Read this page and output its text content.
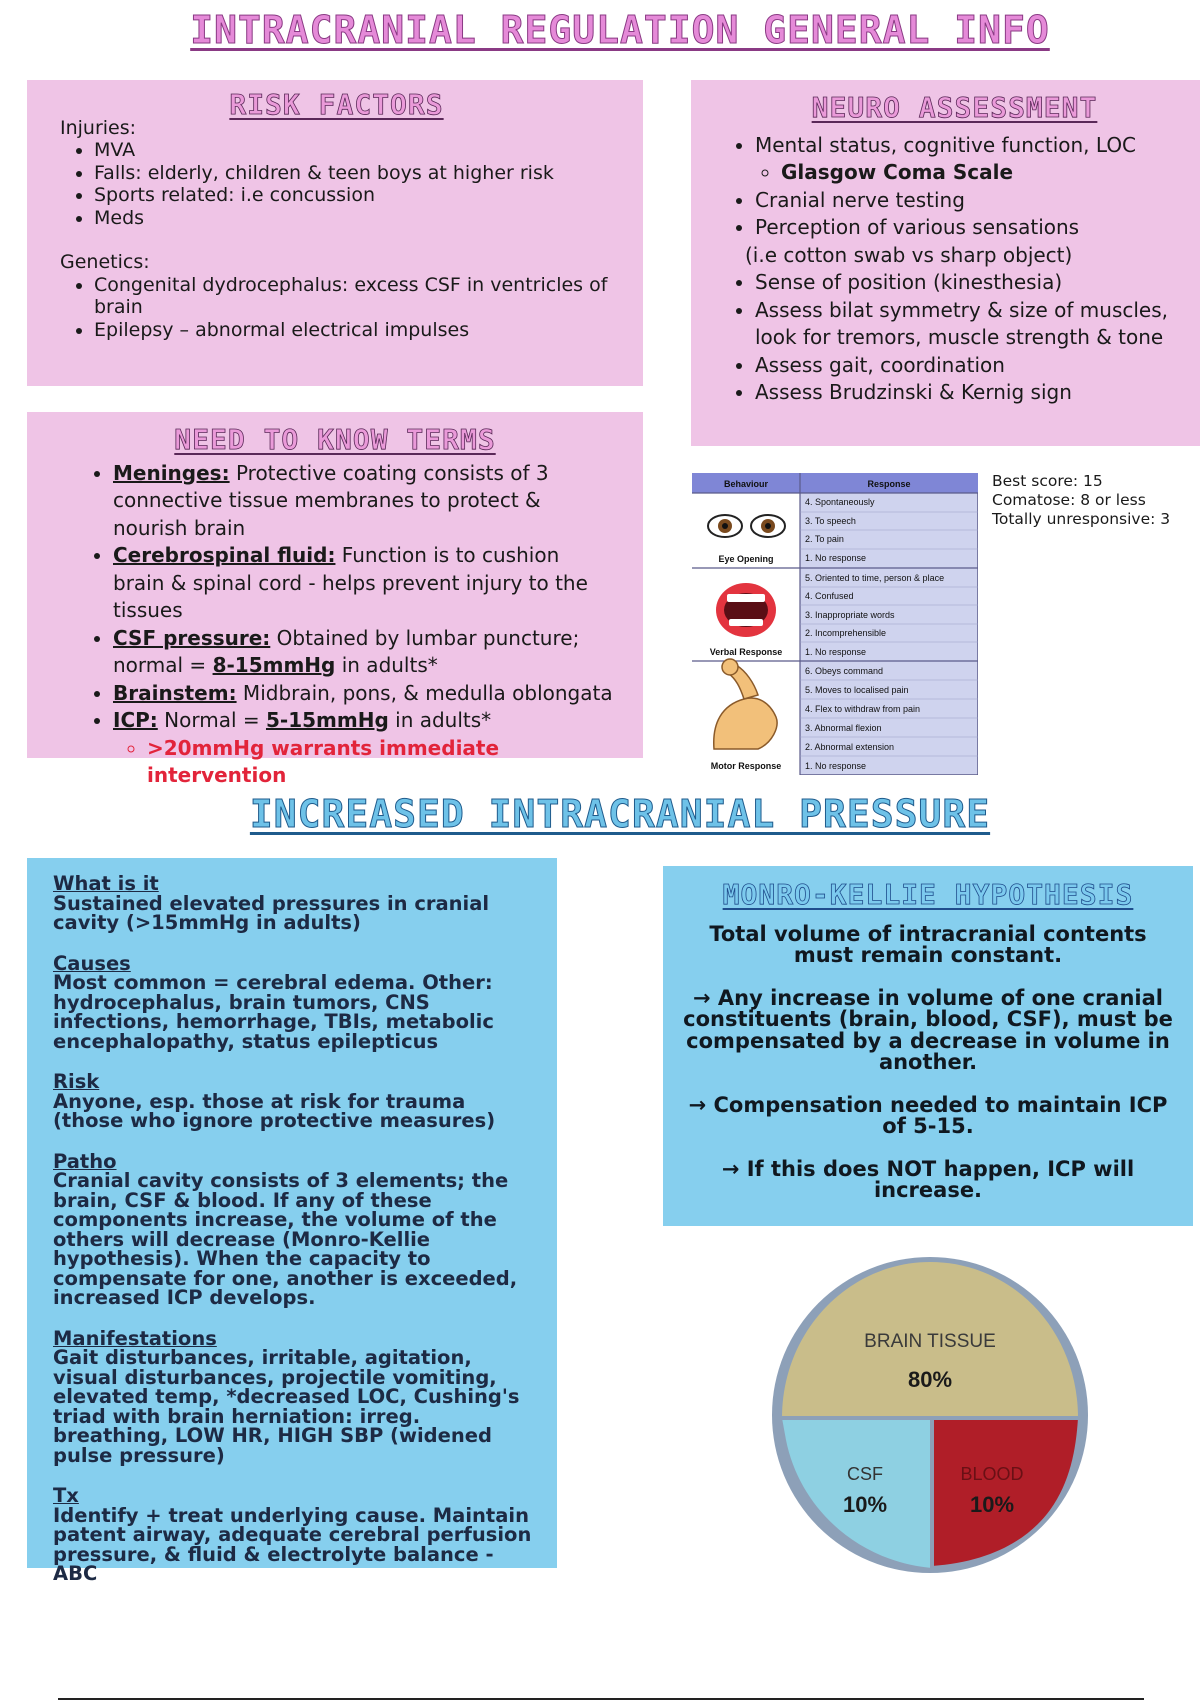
INTRACRANIAL REGULATION GENERAL INFO
RISK FACTORS
Injuries:
• MVA
• Falls: elderly, children & teen boys at higher risk
• Sports related: i.e concussion
• Meds
Genetics:
• Congenital dydrocephalus: excess CSF in ventricles of brain
• Epilepsy – abnormal electrical impulses
NEURO ASSESSMENT
• Mental status, cognitive function, LOC
◦ Glasgow Coma Scale
• Cranial nerve testing
• Perception of various sensations
(i.e cotton swab vs sharp object)
• Sense of position (kinesthesia)
• Assess bilat symmetry & size of muscles, look for tremors, muscle strength & tone
• Assess gait, coordination
• Assess Brudzinski & Kernig sign
NEED TO KNOW TERMS
• Meninges: Protective coating consists of 3 connective tissue membranes to protect & nourish brain
• Cerebrospinal fluid: Function is to cushion brain & spinal cord - helps prevent injury to the tissues
• CSF pressure: Obtained by lumbar puncture; normal = 8-15mmHg in adults*
• Brainstem: Midbrain, pons, & medulla oblongata
• ICP: Normal = 5-15mmHg in adults*
◦ >20mmHg warrants immediate intervention
Behaviour	Response
Eye Opening
Verbal Response
Motor Response
4. Spontaneously
3. To speech
2. To pain
1. No response
5. Oriented to time, person & place
4. Confused
3. Inappropriate words
2. Incomprehensible
1. No response
6. Obeys command
5. Moves to localised pain
4. Flex to withdraw from pain
3. Abnormal flexion
2. Abnormal extension
1. No response
Best score: 15
Comatose: 8 or less
Totally unresponsive: 3
INCREASED INTRACRANIAL PRESSURE
What is it
Sustained elevated pressures in cranial cavity (>15mmHg in adults)
Causes
Most common = cerebral edema. Other: hydrocephalus, brain tumors, CNS infections, hemorrhage, TBIs, metabolic encephalopathy, status epilepticus
Risk
Anyone, esp. those at risk for trauma (those who ignore protective measures)
Patho
Cranial cavity consists of 3 elements; the brain, CSF & blood. If any of these components increase, the volume of the others will decrease (Monro-Kellie hypothesis). When the capacity to compensate for one, another is exceeded, increased ICP develops.
Manifestations
Gait disturbances, irritable, agitation, visual disturbances, projectile vomiting, elevated temp, *decreased LOC, Cushing's triad with brain herniation: irreg. breathing, LOW HR, HIGH SBP (widened pulse pressure)
Tx
Identify + treat underlying cause. Maintain patent airway, adequate cerebral perfusion pressure, & fluid & electrolyte balance - ABC
MONRO-KELLIE HYPOTHESIS

Total volume of intracranial contents must remain constant.

→ Any increase in volume of one cranial constituents (brain, blood, CSF), must be compensated by a decrease in volume in another.

→ Compensation needed to maintain ICP of 5-15.

→ If this does NOT happen, ICP will increase.

BRAIN TISSUE
80%
CSF
10%
BLOOD
10%
